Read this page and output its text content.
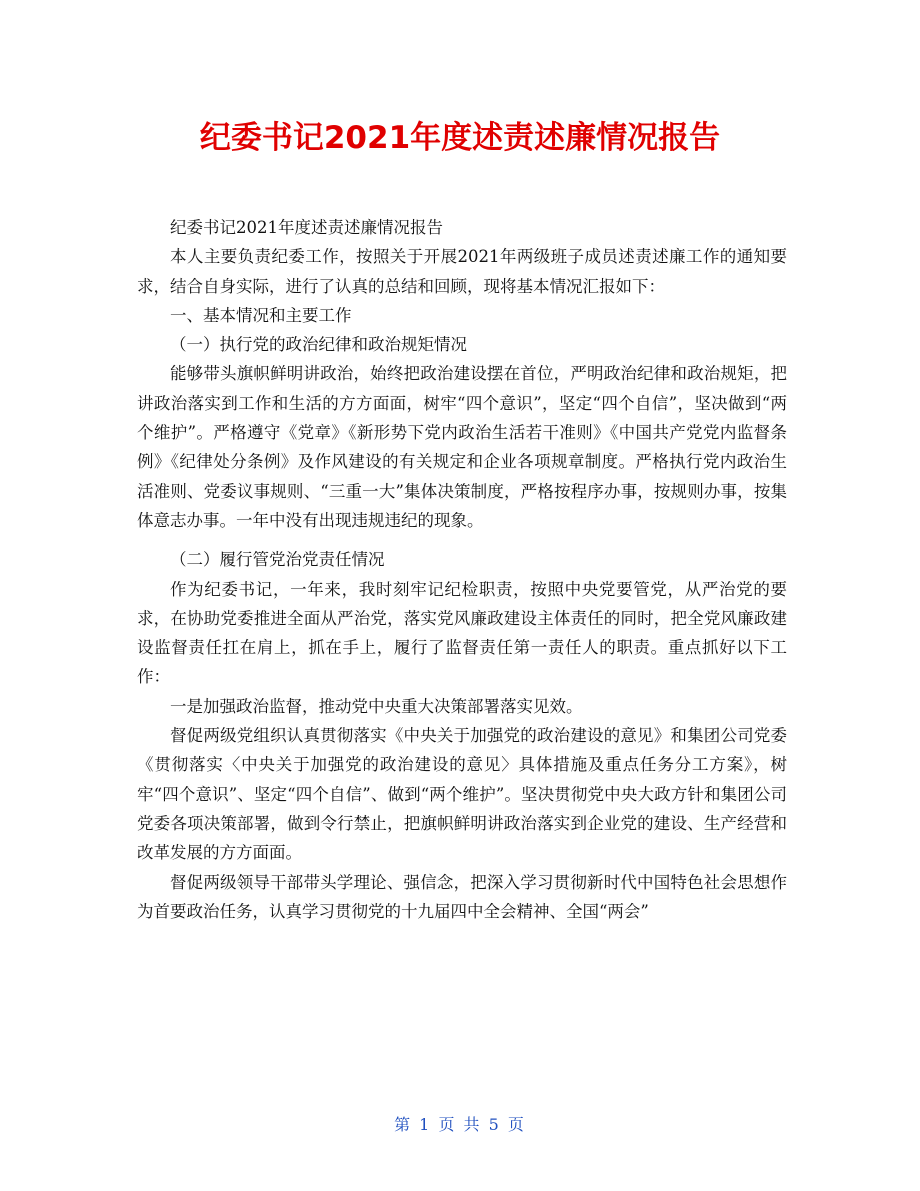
纪委书记2021年度述责述廉情况报告

纪委书记2021年度述责述廉情况报告

本人主要负责纪委工作，按照关于开展2021年两级班子成员述责述廉工作的通知要求，结合自身实际，进行了认真的总结和回顾，现将基本情况汇报如下：

一、基本情况和主要工作

（一）执行党的政治纪律和政治规矩情况

能够带头旗帜鲜明讲政治，始终把政治建设摆在首位，严明政治纪律和政治规矩，把讲政治落实到工作和生活的方方面面，树牢“四个意识”，坚定“四个自信”，坚决做到“两个维护”。严格遵守《党章》《新形势下党内政治生活若干准则》《中国共产党党内监督条例》《纪律处分条例》及作风建设的有关规定和企业各项规章制度。严格执行党内政治生活准则、党委议事规则、“三重一大”集体决策制度，严格按程序办事，按规则办事，按集体意志办事。一年中没有出现违规违纪的现象。

（二）履行管党治党责任情况

作为纪委书记，一年来，我时刻牢记纪检职责，按照中央党要管党，从严治党的要求，在协助党委推进全面从严治党，落实党风廉政建设主体责任的同时，把全党风廉政建设监督责任扛在肩上，抓在手上，履行了监督责任第一责任人的职责。重点抓好以下工作：

一是加强政治监督，推动党中央重大决策部署落实见效。

督促两级党组织认真贯彻落实《中央关于加强党的政治建设的意见》和集团公司党委《贯彻落实〈中央关于加强党的政治建设的意见〉具体措施及重点任务分工方案》，树牢“四个意识”、坚定“四个自信”、做到“两个维护”。坚决贯彻党中央大政方针和集团公司党委各项决策部署，做到令行禁止，把旗帜鲜明讲政治落实到企业党的建设、生产经营和改革发展的方方面面。

督促两级领导干部带头学理论、强信念，把深入学习贯彻新时代中国特色社会思想作为首要政治任务，认真学习贯彻党的十九届四中全会精神、全国“两会”

第 1 页 共 5 页
